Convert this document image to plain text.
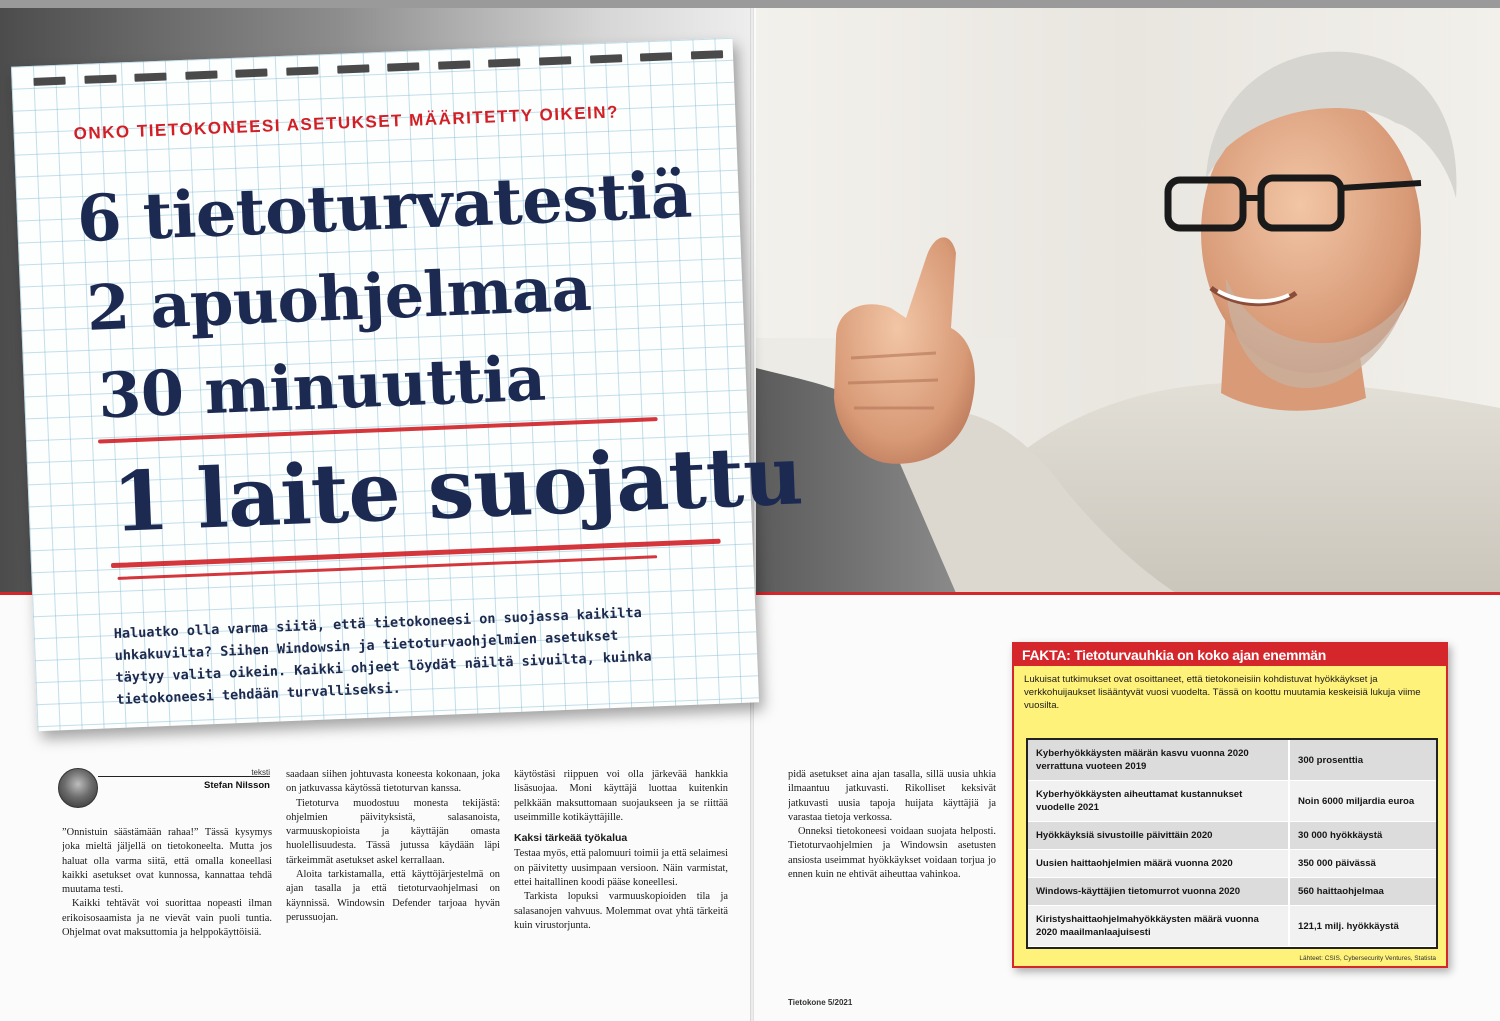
ONKO TIETOKONEESI ASETUKSET MÄÄRITETTY OIKEIN?
6 tietoturvatestiä
2 apuohjelmaa
30 minuuttia
1 laite suojattu
Haluatko olla varma siitä, että tietokoneesi on suojassa kaikilta uhkakuvilta? Siihen Windowsin ja tietoturvaohjelmien asetukset täytyy valita oikein. Kaikki ohjeet löydät näiltä sivuilta, kuinka tietokoneesi tehdään turvalliseksi.
teksti
Stefan Nilsson

”Onnistuin säästämään rahaa!” Tässä kysymys joka mieltä jäljellä on tietokoneelta. Mutta jos haluat olla varma siitä, että omalla koneellasi kaikki asetukset ovat kunnossa, kannattaa tehdä muutama testi.

Kaikki tehtävät voi suorittaa nopeasti ilman erikoisosaamista ja ne vievät vain puoli tuntia. Ohjelmat ovat maksuttomia ja helppokäyttöisiä.

saadaan siihen johtuvasta koneesta kokonaan, joka on jatkuvassa käytössä tietoturvan kanssa.

Tietoturva muodostuu monesta tekijästä: ohjelmien päivityksistä, salasanoista, varmuuskopioista ja käyttäjän omasta huolellisuudesta. Tässä jutussa käydään läpi tärkeimmät asetukset askel kerrallaan.

Aloita tarkistamalla, että käyttöjärjestelmä on ajan tasalla ja että tietoturvaohjelmasi on käynnissä. Windowsin Defender tarjoaa hyvän perussuojan.

käytöstäsi riippuen voi olla järkevää hankkia lisäsuojaa. Moni käyttäjä luottaa kuitenkin pelkkään maksuttomaan suojaukseen ja se riittää useimmille kotikäyttäjille.

Kaksi tärkeää työkalua

Testaa myös, että palomuuri toimii ja että selaimesi on päivitetty uusimpaan versioon. Näin varmistat, ettei haitallinen koodi pääse koneellesi.

Tarkista lopuksi varmuuskopioiden tila ja salasanojen vahvuus. Molemmat ovat yhtä tärkeitä kuin virustorjunta.

pidä asetukset aina ajan tasalla, sillä uusia uhkia ilmaantuu jatkuvasti. Rikolliset keksivät jatkuvasti uusia tapoja huijata käyttäjiä ja varastaa tietoja verkossa.

Onneksi tietokoneesi voidaan suojata helposti. Tietoturvaohjelmien ja Windowsin asetusten ansiosta useimmat hyökkäykset voidaan torjua jo ennen kuin ne ehtivät aiheuttaa vahinkoa.

Tietokone 5/2021
FAKTA: Tietoturvauhkia on koko ajan enemmän
Lukuisat tutkimukset ovat osoittaneet, että tietokoneisiin kohdistuvat hyökkäykset ja verkkohuijaukset lisääntyvät vuosi vuodelta. Tässä on koottu muutamia keskeisiä lukuja viime vuosilta.
Kyberhyökkäysten määrän kasvu vuonna 2020 verrattuna vuoteen 2019	300 prosenttia
Kyberhyökkäysten aiheuttamat kustannukset vuodelle 2021	Noin 6000 miljardia euroa
Hyökkäyksiä sivustoille päivittäin 2020	30 000 hyökkäystä
Uusien haittaohjelmien määrä vuonna 2020	350 000 päivässä
Windows-käyttäjien tietomurrot vuonna 2020	560 haittaohjelmaa
Kiristyshaittaohjelmahyökkäysten määrä vuonna 2020 maailmanlaajuisesti	121,1 milj. hyökkäystä
Lähteet: CSIS, Cybersecurity Ventures, Statista
